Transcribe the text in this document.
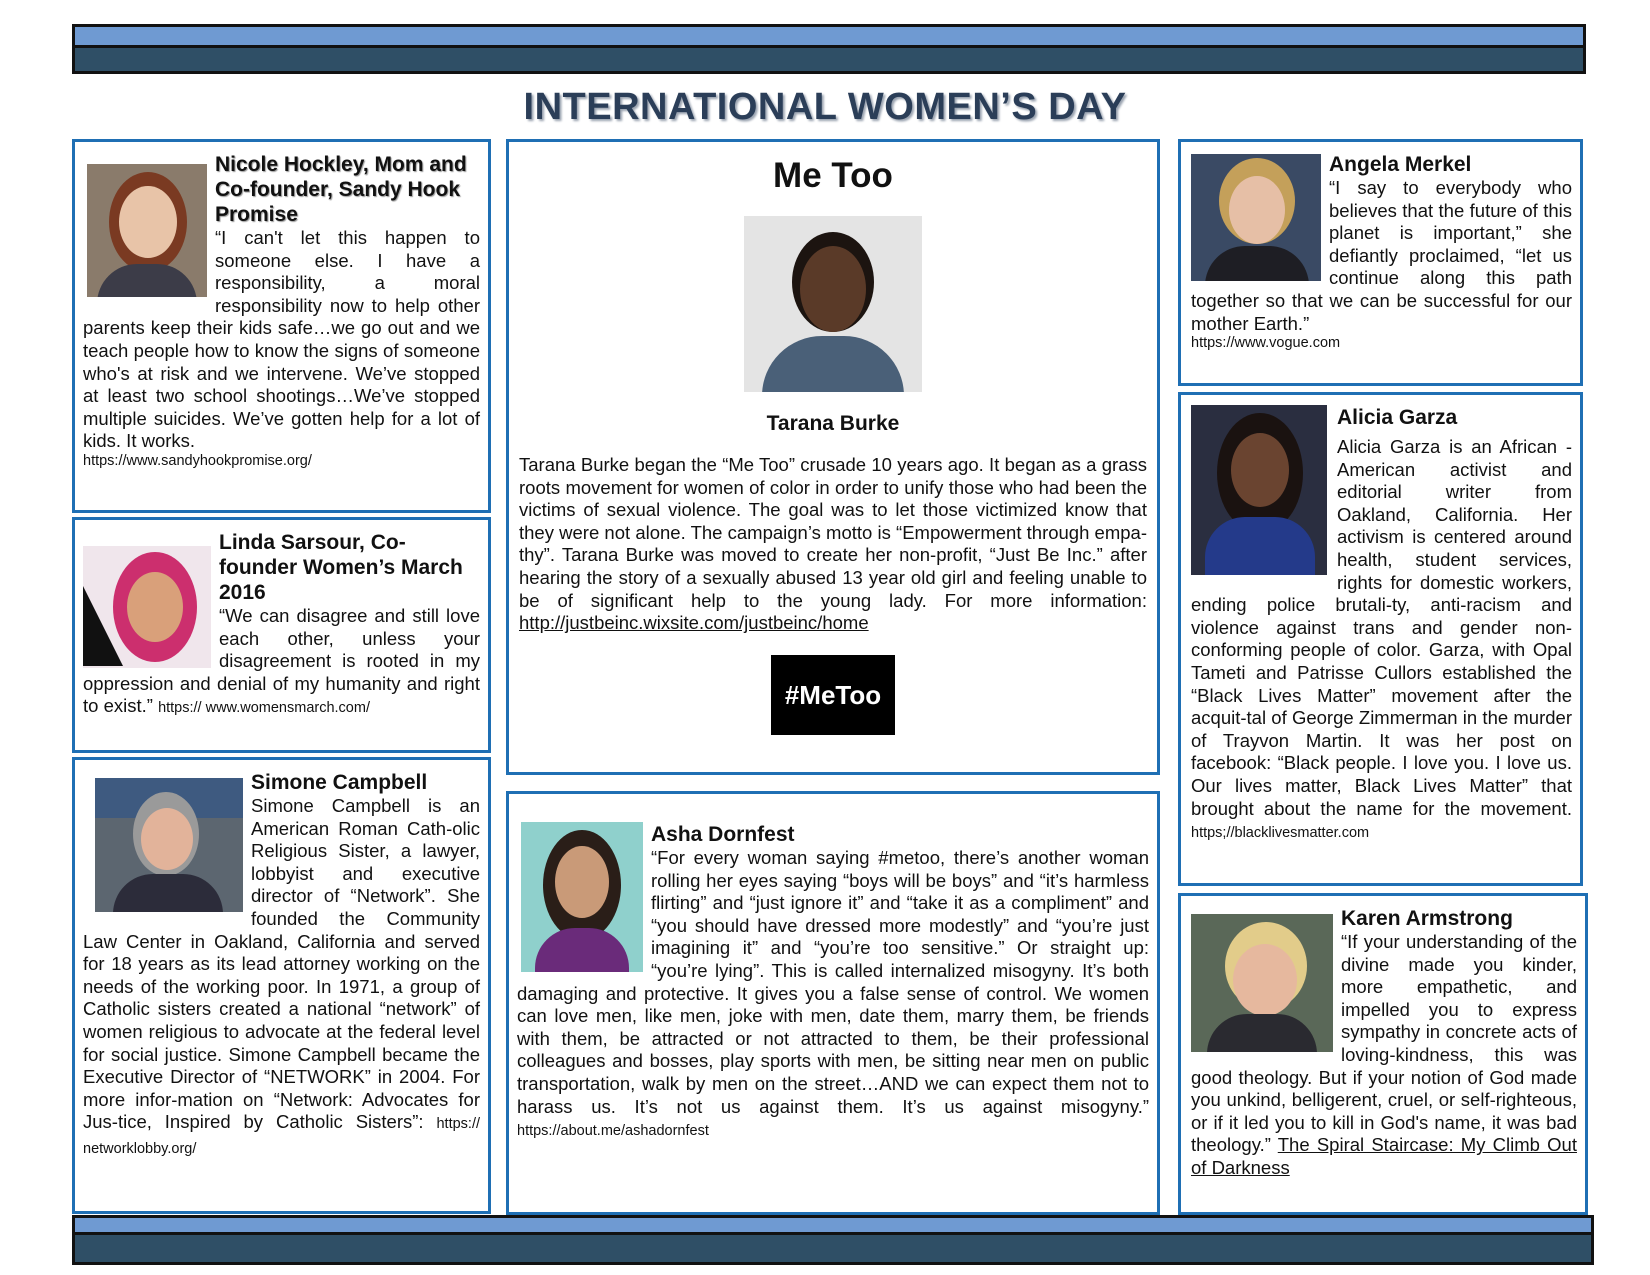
INTERNATIONAL WOMEN’S DAY
Nicole Hockley, Mom and Co-founder, Sandy Hook Promise
“I can't let this happen to someone else. I have a responsibility, a moral responsibility now to help other parents keep their kids safe…we go out and we teach people how to know the signs of someone who's at risk and we intervene. We’ve stopped at least two school shootings…We’ve stopped multiple suicides. We’ve gotten help for a lot of kids. It works.
https://www.sandyhookpromise.org/
Linda Sarsour, Co-founder Women’s March 2016
“We can disagree and still love each other, unless your disagreement is rooted in my oppression and denial of my humanity and right to exist.” https:// www.womensmarch.com/
Simone Campbell
Simone Campbell is an American Roman Cath-olic Religious Sister, a lawyer, lobbyist and executive director of “Network”. She founded the Community Law Center in Oakland, California and served for 18 years as its lead attorney working on the needs of the working poor. In 1971, a group of Catholic sisters created a national “network” of women religious to advocate at the federal level for social justice. Simone Campbell became the Executive Director of “NETWORK” in 2004. For more infor-mation on “Network: Advocates for Jus-tice, Inspired by Catholic Sisters”: https:// networklobby.org/
Me Too
Tarana Burke
Tarana Burke began the “Me Too” crusade 10 years ago. It began as a grass roots movement for women of color in order to unify those who had been the victims of sexual violence. The goal was to let those victimized know that they were not alone. The campaign’s motto is “Empowerment through empa-thy”. Tarana Burke was moved to create her non-profit, “Just Be Inc.” after hearing the story of a sexually abused 13 year old girl and feeling unable to be of significant help to the young lady. For more information: http://justbeinc.wixsite.com/justbeinc/home
#MeToo
Asha Dornfest
“For every woman saying #metoo, there’s another woman rolling her eyes saying “boys will be boys” and “it’s harmless flirting” and “just ignore it” and “take it as a compliment” and “you should have dressed more modestly” and “you’re just imagining it” and “you’re too sensitive.” Or straight up: “you’re lying”. This is called internalized misogyny. It’s both damaging and protective. It gives you a false sense of control. We women can love men, like men, joke with men, date them, marry them, be friends with them, be attracted or not attracted to them, be their professional colleagues and bosses, play sports with men, be sitting near men on public transportation, walk by men on the street…AND we can expect them not to harass us. It’s not us against them. It’s us against misogyny.” https://about.me/ashadornfest
Angela Merkel
“I say to everybody who believes that the future of this planet is important,” she defiantly proclaimed, “let us continue along this path together so that we can be successful for our mother Earth.”
https://www.vogue.com
Alicia Garza
Alicia Garza is an African -American activist and editorial writer from Oakland, California. Her activism is centered around health, student services, rights for domestic workers, ending police brutali-ty, anti-racism and violence against trans and gender non-conforming people of color. Garza, with Opal Tameti and Patrisse Cullors established the “Black Lives Matter” movement after the acquit-tal of George Zimmerman in the murder of Trayvon Martin. It was her post on facebook: “Black people. I love you. I love us. Our lives matter, Black Lives Matter” that brought about the name for the movement. https;//blacklivesmatter.com
Karen Armstrong
“If your understanding of the divine made you kinder, more empathetic, and impelled you to express sympathy in concrete acts of loving-kindness, this was good theology. But if your notion of God made you unkind, belligerent, cruel, or self-righteous, or if it led you to kill in God's name, it was bad theology.” The Spiral Staircase: My Climb Out of Darkness
